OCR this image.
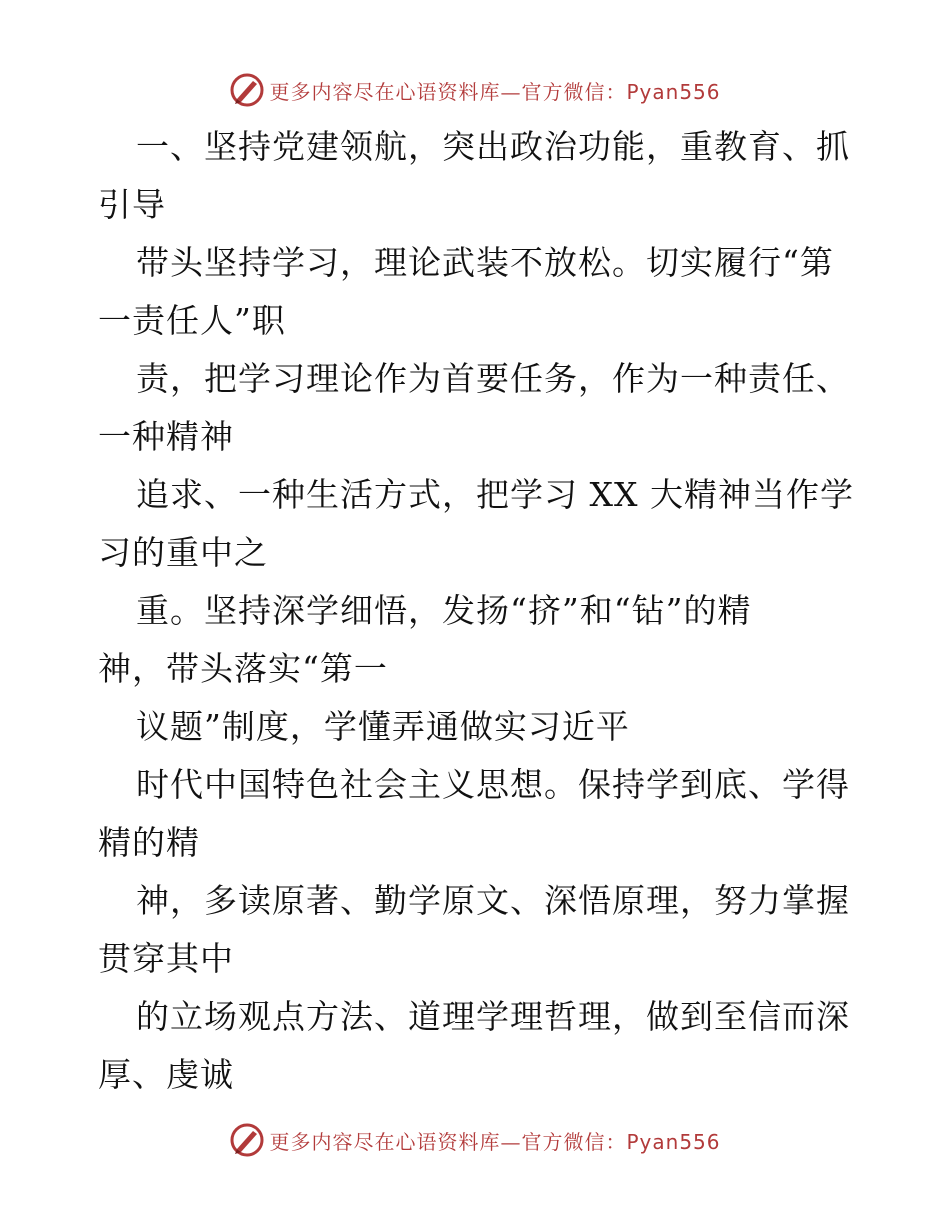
更多内容尽在心语资料库—官方微信：Pyan556
一、坚持党建领航，突出政治功能，重教育、抓
引导
带头坚持学习，理论武装不放松。切实履行“第
一责任人”职
责，把学习理论作为首要任务，作为一种责任、
一种精神
追求、一种生活方式，把学习 XX 大精神当作学
习的重中之
重。坚持深学细悟，发扬“挤”和“钻”的精
神，带头落实“第一
议题”制度，学懂弄通做实习近平
时代中国特色社会主义思想。保持学到底、学得
精的精
神，多读原著、勤学原文、深悟原理，努力掌握
贯穿其中
的立场观点方法、道理学理哲理，做到至信而深
厚、虔诚
更多内容尽在心语资料库—官方微信：Pyan556
